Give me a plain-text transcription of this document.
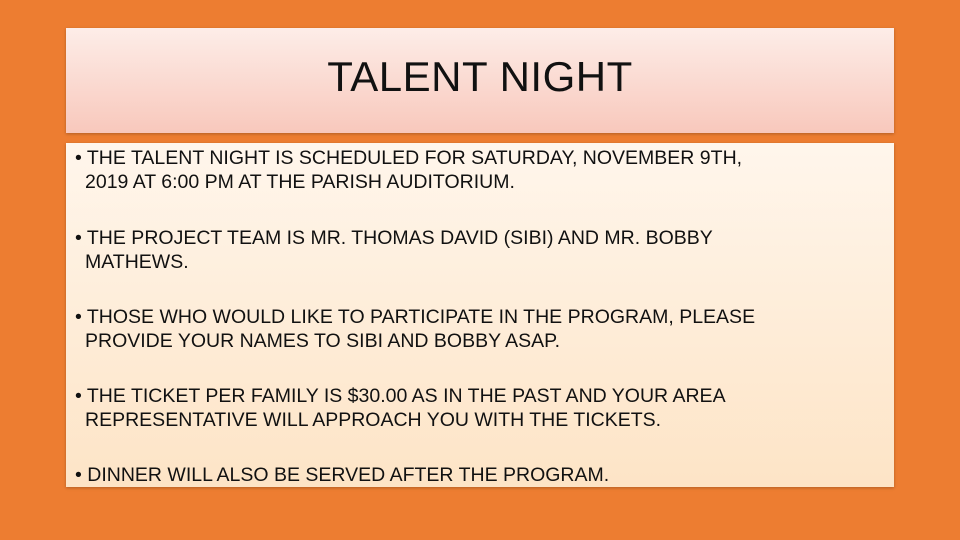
TALENT NIGHT
• THE TALENT NIGHT IS SCHEDULED FOR SATURDAY, NOVEMBER 9TH,
2019 AT 6:00 PM AT THE PARISH AUDITORIUM.
• THE PROJECT TEAM IS MR. THOMAS DAVID (SIBI) AND MR. BOBBY
MATHEWS.
• THOSE WHO WOULD LIKE TO PARTICIPATE IN THE PROGRAM, PLEASE
PROVIDE YOUR NAMES TO SIBI AND BOBBY ASAP.
• THE TICKET PER FAMILY IS $30.00 AS IN THE PAST AND YOUR AREA
REPRESENTATIVE WILL APPROACH YOU WITH THE TICKETS.
• DINNER WILL ALSO BE SERVED AFTER THE PROGRAM.
